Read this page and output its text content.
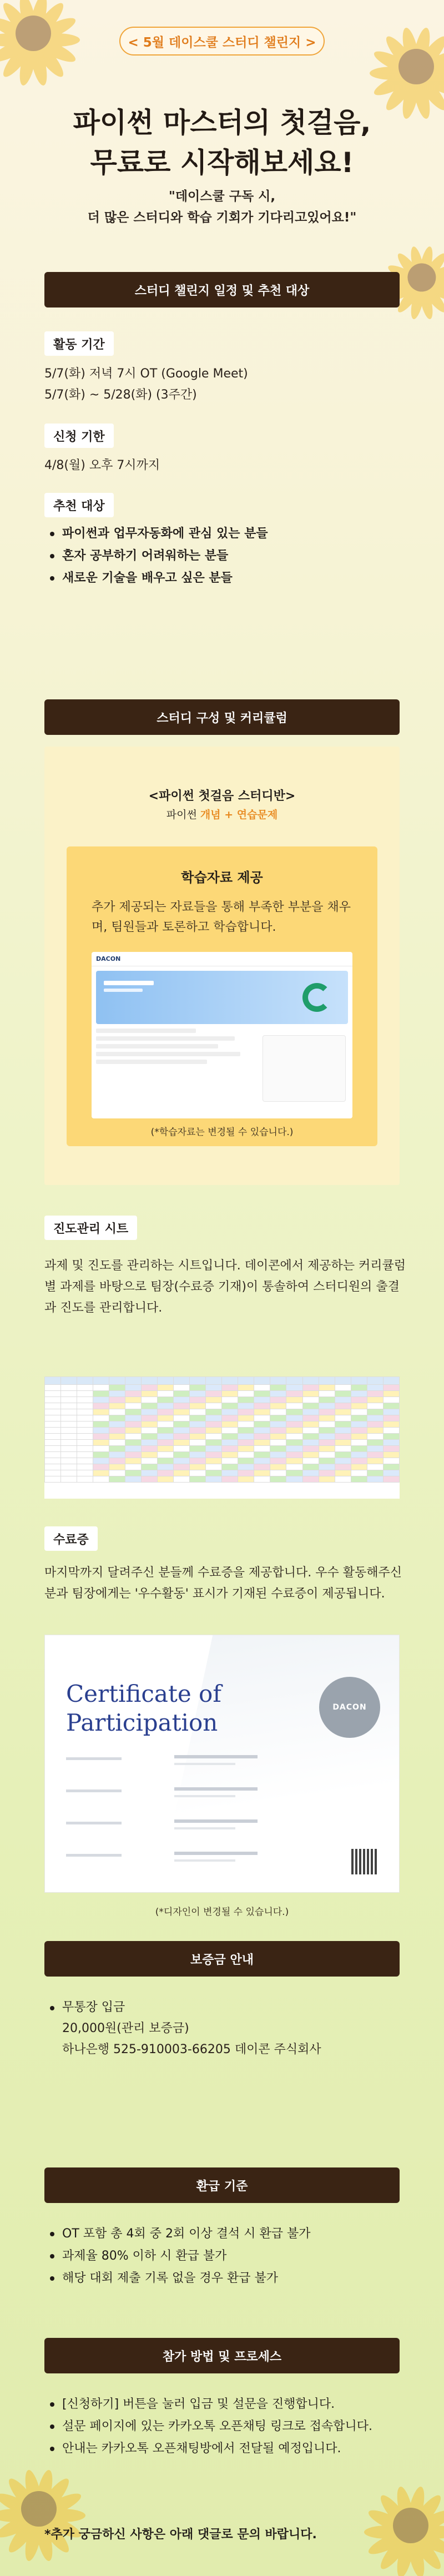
< 5월 데이스쿨 스터디 챌린지 >
파이썬 마스터의 첫걸음,
무료로 시작해보세요!
"데이스쿨 구독 시,
더 많은 스터디와 학습 기회가 기다리고있어요!"
스터디 챌린지 일정 및 추천 대상
활동 기간
5/7(화) 저녁 7시 OT (Google Meet)
5/7(화) ~ 5/28(화) (3주간)
신청 기한
4/8(월) 오후 7시까지
추천 대상
파이썬과 업무자동화에 관심 있는 분들
혼자 공부하기 어려워하는 분들
새로운 기술을 배우고 싶은 분들
스터디 구성 및 커리큘럼
<파이썬 첫걸음 스터디반>
파이썬 개념 + 연습문제
학습자료 제공
추가 제공되는 자료들을 통해 부족한 부분을 채우며, 팀원들과 토론하고 학습합니다.
DACON
(*학습자료는 변경될 수 있습니다.)
진도관리 시트
과제 및 진도를 관리하는 시트입니다. 데이콘에서 제공하는 커리큘럼 별 과제를 바탕으로 팀장(수료증 기재)이 통솔하여 스터디원의 출결과 진도를 관리합니다.

수료증
마지막까지 달려주신 분들께 수료증을 제공합니다. 우수 활동해주신 분과 팀장에게는 '우수활동' 표시가 기재된 수료증이 제공됩니다.
Certificate of
Participation
DACON
(*디자인이 변경될 수 있습니다.)
보증금 안내
무통장 입금
20,000원(관리 보증금)
하나은행 525-910003-66205 데이콘 주식회사
환급 기준
OT 포함 총 4회 중 2회 이상 결석 시 환급 불가
과제율 80% 이하 시 환급 불가
해당 대회 제출 기록 없을 경우 환급 불가
참가 방법 및 프로세스
[신청하기] 버튼을 눌러 입금 및 설문을 진행합니다.
설문 페이지에 있는 카카오톡 오픈채팅 링크로 접속합니다.
안내는 카카오톡 오픈채팅방에서 전달될 예정입니다.
*추가 궁금하신 사항은 아래 댓글로 문의 바랍니다.
